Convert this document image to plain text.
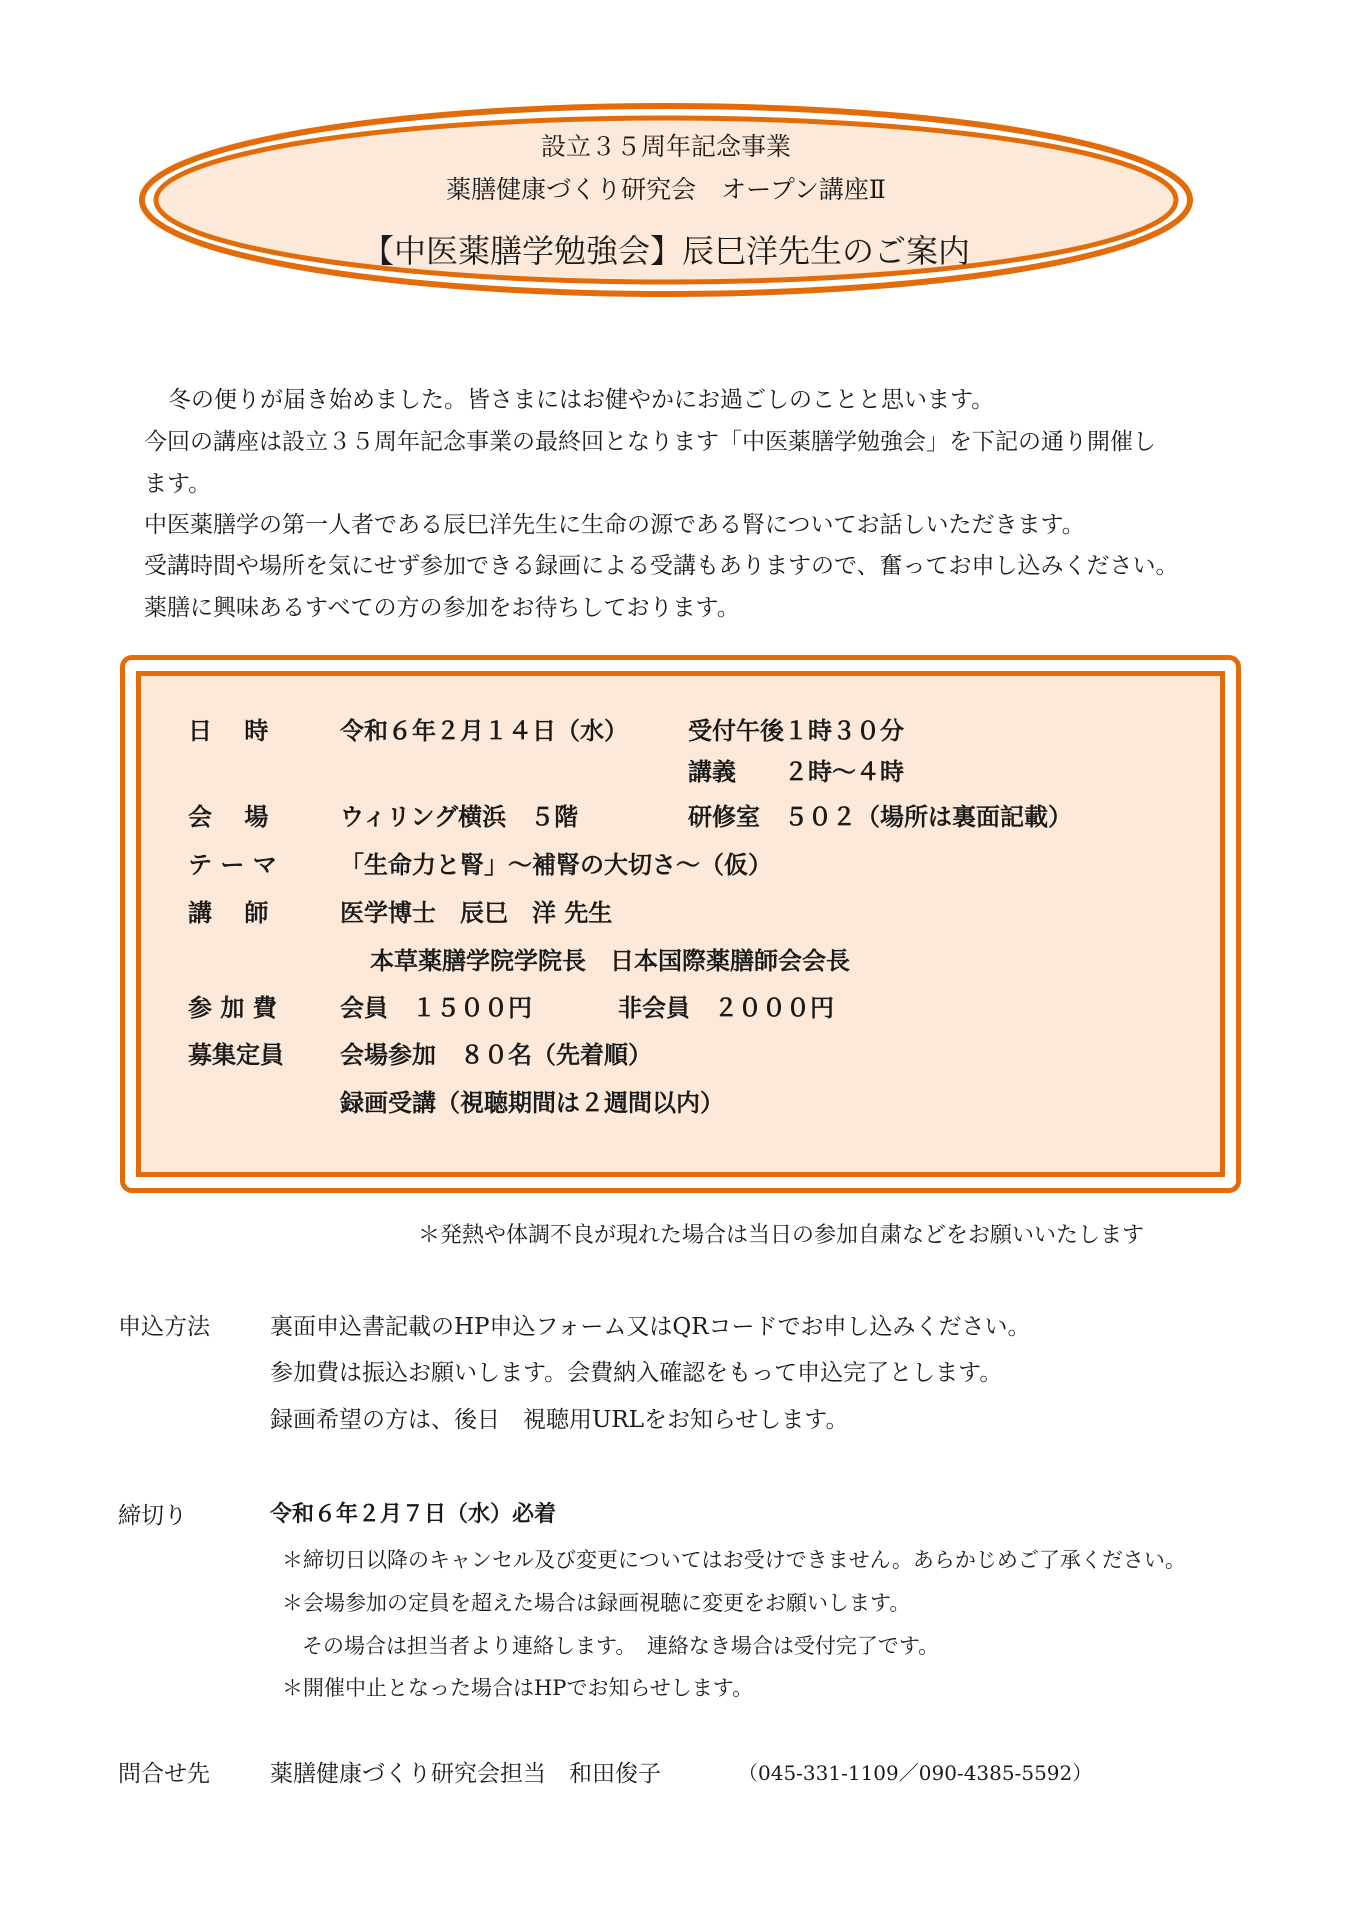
設立３５周年記念事業
薬膳健康づくり研究会　オープン講座Ⅱ
【中医薬膳学勉強会】辰巳洋先生のご案内
冬の便りが届き始めました。皆さまにはお健やかにお過ごしのことと思います。
今回の講座は設立３５周年記念事業の最終回となります「中医薬膳学勉強会」を下記の通り開催し
ます。
中医薬膳学の第一人者である辰巳洋先生に生命の源である腎についてお話しいただきます。
受講時間や場所を気にせず参加できる録画による受講もありますので、奮ってお申し込みください。
薬膳に興味あるすべての方の参加をお待ちしております。
日　 時	令和６年２月１４日（水）	受付午後１時３０分
講義　　２時～４時
会　 場	ウィリング横浜　５階	研修室　５０２（場所は裏面記載）
テ ー マ	「生命力と腎」～補腎の大切さ～（仮）
講　 師	医学博士　辰巳　洋 先生
本草薬膳学院学院長　日本国際薬膳師会会長
参 加 費	会員　１５００円	非会員　２０００円
募集定員 会場参加　８０名（先着順）
録画受講（視聴期間は２週間以内）
＊発熱や体調不良が現れた場合は当日の参加自粛などをお願いいたします
申込方法	裏面申込書記載のHP申込フォーム又はQRコードでお申し込みください。
参加費は振込お願いします。会費納入確認をもって申込完了とします。
録画希望の方は、後日　視聴用URLをお知らせします。
締切り	令和６年２月７日（水）必着
＊締切日以降のキャンセル及び変更についてはお受けできません。あらかじめご了承ください。
＊会場参加の定員を超えた場合は録画視聴に変更をお願いします。
その場合は担当者より連絡します。　連絡なき場合は受付完了です。
＊開催中止となった場合はHPでお知らせします。
問合せ先	薬膳健康づくり研究会担当　和田俊子	（045-331-1109／090-4385-5592）
